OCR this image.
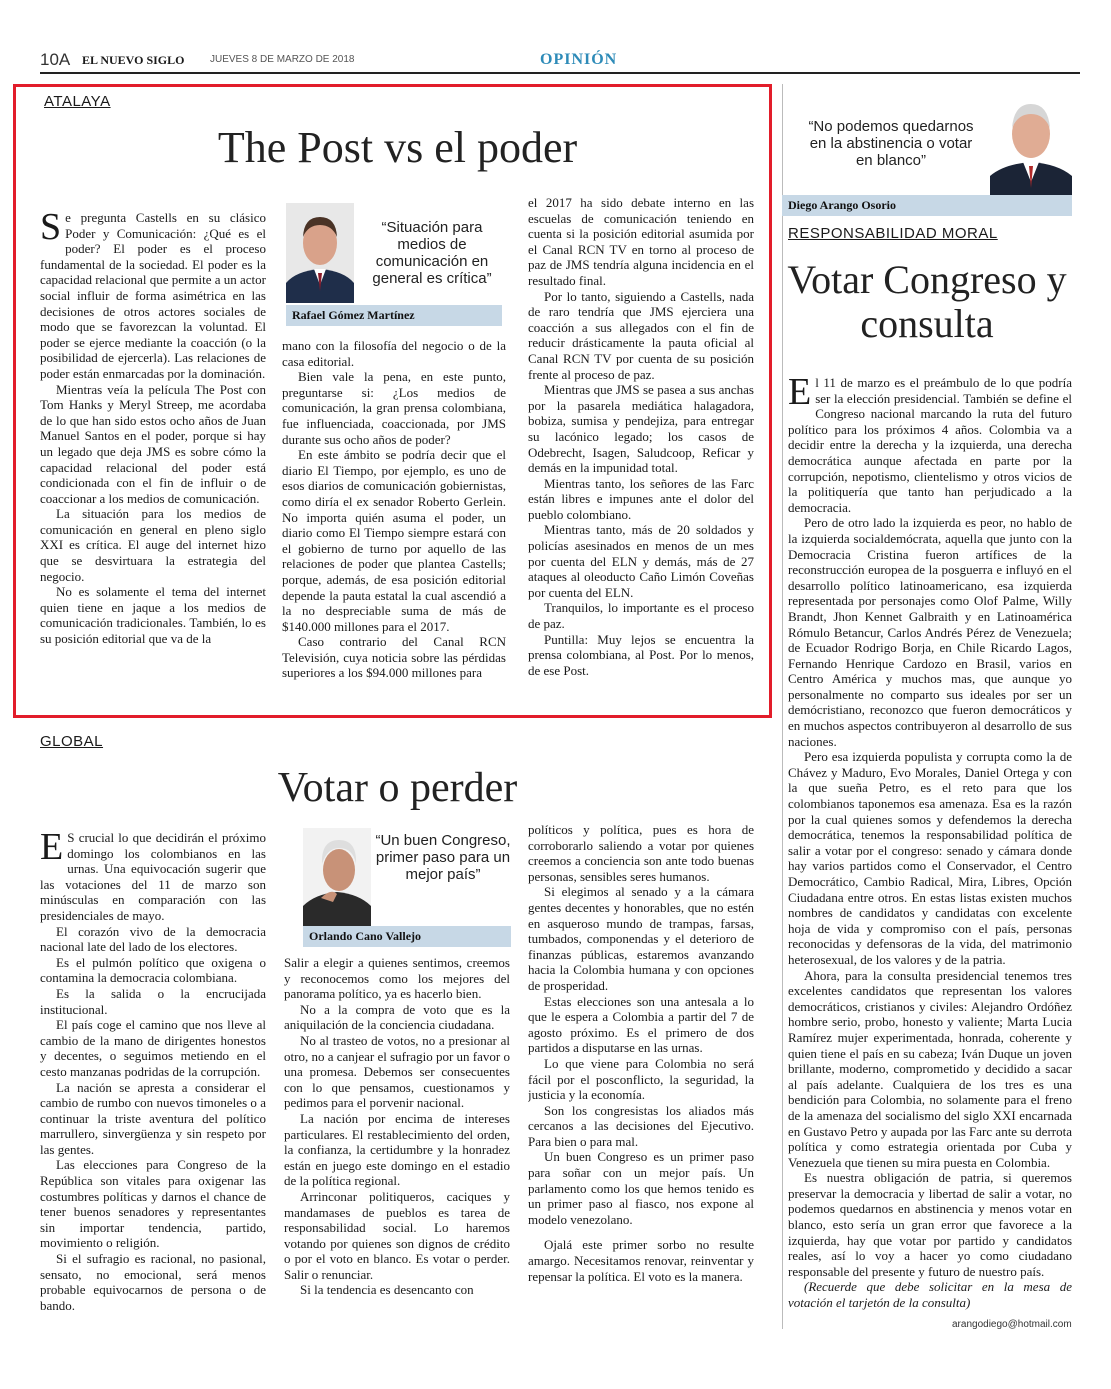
10A EL NUEVO SIGLO	JUEVES 8 DE MARZO DE 2018	OPINIÓN
ATALAYA
The Post vs el poder

Se pregunta Castells en su clásico Poder y Comunicación: ¿Qué es el poder? El poder es el proceso fundamental de la sociedad. El poder es la capacidad relacional que permite a un actor social influir de forma asimétrica en las decisiones de otros actores sociales de modo que se favorezcan la voluntad. El poder se ejerce mediante la coacción (o la posibilidad de ejercerla). Las relaciones de poder están enmarcadas por la dominación.

Mientras veía la película The Post con Tom Hanks y Meryl Streep, me acordaba de lo que han sido estos ocho años de Juan Manuel Santos en el poder, porque si hay un legado que deja JMS es sobre cómo la capacidad relacional del poder está condicionada con el fin de influir o de coaccionar a los medios de comunicación.

La situación para los medios de comunicación en general en pleno siglo XXI es crítica. El auge del internet hizo que se desvirtuara la estrategia del negocio.

No es solamente el tema del internet quien tiene en jaque a los medios de comunicación tradicionales. También, lo es su posición editorial que va de la

“Situación para medios de comunicación en general es crítica”
Rafael Gómez Martínez

mano con la filosofía del negocio o de la casa editorial.

Bien vale la pena, en este punto, preguntarse si: ¿Los medios de comunicación, la gran prensa colombiana, fue influenciada, coaccionada, por JMS durante sus ocho años de poder?

En este ámbito se podría decir que el diario El Tiempo, por ejemplo, es uno de esos diarios de comunicación gobiernistas, como diría el ex senador Roberto Gerlein. No importa quién asuma el poder, un diario como El Tiempo siempre estará con el gobierno de turno por aquello de las relaciones de poder que plantea Castells; porque, además, de esa posición editorial depende la pauta estatal la cual ascendió a la no despreciable suma de más de $140.000 millones para el 2017.

Caso contrario del Canal RCN Televisión, cuya noticia sobre las pérdidas superiores a los $94.000 millones para

el 2017 ha sido debate interno en las escuelas de comunicación teniendo en cuenta si la posición editorial asumida por el Canal RCN TV en torno al proceso de paz de JMS tendría alguna incidencia en el resultado final.

Por lo tanto, siguiendo a Castells, nada de raro tendría que JMS ejerciera una coacción a sus allegados con el fin de reducir drásticamente la pauta oficial al Canal RCN TV por cuenta de su posición frente al proceso de paz.

Mientras que JMS se pasea a sus anchas por la pasarela mediática halagadora, bobiza, sumisa y pendejiza, para entregar su lacónico legado; los casos de Odebrecht, Isagen, Saludcoop, Reficar y demás en la impunidad total.

Mientras tanto, los señores de las Farc están libres e impunes ante el dolor del pueblo colombiano.

Mientras tanto, más de 20 soldados y policías asesinados en menos de un mes por cuenta del ELN y demás, más de 27 ataques al oleoducto Caño Limón Coveñas por cuenta del ELN.

Tranquilos, lo importante es el proceso de paz.

Puntilla: Muy lejos se encuentra la prensa colombiana, al Post. Por lo menos, de ese Post.

GLOBAL
Votar o perder

E S crucial lo que decidirán el próximo domingo los colombianos en las urnas. Una equivocación sugerir que las votaciones del 11 de marzo son minúsculas en comparación con las presidenciales de mayo.

El corazón vivo de la democracia nacional late del lado de los electores.

Es el pulmón político que oxigena o contamina la democracia colombiana.

Es la salida o la encrucijada institucional.

El país coge el camino que nos lleve al cambio de la mano de dirigentes honestos y decentes, o seguimos metiendo en el cesto manzanas podridas de la corrupción.

La nación se apresta a considerar el cambio de rumbo con nuevos timoneles o a continuar la triste aventura del político marrullero, sinvergüenza y sin respeto por las gentes.

Las elecciones para Congreso de la República son vitales para oxigenar las costumbres políticas y darnos el chance de tener buenos senadores y representantes sin importar tendencia, partido, movimiento o religión.

Si el sufragio es racional, no pasional, sensato, no emocional, será menos probable equivocarnos de persona o de bando.

“Un buen Congreso, primer paso para un mejor país”
Orlando Cano Vallejo

Salir a elegir a quienes sentimos, creemos y reconocemos como los mejores del panorama político, ya es hacerlo bien.

No a la compra de voto que es la aniquilación de la conciencia ciudadana.

No al trasteo de votos, no a presionar al otro, no a canjear el sufragio por un favor o una promesa. Debemos ser consecuentes con lo que pensamos, cuestionamos y pedimos para el porvenir nacional.

La nación por encima de intereses particulares. El restablecimiento del orden, la confianza, la certidumbre y la honradez están en juego este domingo en el estadio de la política regional.

Arrinconar politiqueros, caciques y mandamases de pueblos es tarea de responsabilidad social. Lo haremos votando por quienes son dignos de crédito o por el voto en blanco. Es votar o perder. Salir o renunciar.

Si la tendencia es desencanto con

políticos y política, pues es hora de corroborarlo saliendo a votar por quienes creemos a conciencia son ante todo buenas personas, sensibles seres humanos.

Si elegimos al senado y a la cámara gentes decentes y honorables, que no estén en asqueroso mundo de trampas, farsas, tumbados, componendas y el deterioro de finanzas públicas, estaremos avanzando hacia la Colombia humana y con opciones de prosperidad.

Estas elecciones son una antesala a lo que le espera a Colombia a partir del 7 de agosto próximo. Es el primero de dos partidos a disputarse en las urnas.

Lo que viene para Colombia no será fácil por el posconflicto, la seguridad, la justicia y la economía.

Son los congresistas los aliados más cercanos a las decisiones del Ejecutivo. Para bien o para mal.

Un buen Congreso es un primer paso para soñar con un mejor país. Un parlamento como los que hemos tenido es un primer paso al fiasco, nos expone al modelo venezolano.

Ojalá este primer sorbo no resulte amargo. Necesitamos renovar, reinventar y repensar la política. El voto es la manera.

“No podemos quedarnos en la abstinencia o votar en blanco”
Diego Arango Osorio
RESPONSABILIDAD MORAL
Votar Congreso y consulta

El 11 de marzo es el preámbulo de lo que podría ser la elección presidencial. También se define el Congreso nacional marcando la ruta del futuro político para los próximos 4 años. Colombia va a decidir entre la derecha y la izquierda, una derecha democrática aunque afectada en parte por la corrupción, nepotismo, clientelismo y otros vicios de la politiquería que tanto han perjudicado a la democracia.

Pero de otro lado la izquierda es peor, no hablo de la izquierda socialdemócrata, aquella que junto con la Democracia Cristina fueron artífices de la reconstrucción europea de la posguerra e influyó en el desarrollo político latinoamericano, esa izquierda representada por personajes como Olof Palme, Willy Brandt, Jhon Kennet Galbraith y en Latinoamérica Rómulo Betancur, Carlos Andrés Pérez de Venezuela; de Ecuador Rodrigo Borja, en Chile Ricardo Lagos, Fernando Henrique Cardozo en Brasil, varios en Centro América y muchos mas, que aunque yo personalmente no comparto sus ideales por ser un demócristiano, reconozco que fueron democráticos y en muchos aspectos contribuyeron al desarrollo de sus naciones.

Pero esa izquierda populista y corrupta como la de Chávez y Maduro, Evo Morales, Daniel Ortega y con la que sueña Petro, es el reto para que los colombianos taponemos esa amenaza. Esa es la razón por la cual quienes somos y defendemos la derecha democrática, tenemos la responsabilidad política de salir a votar por el congreso: senado y cámara donde hay varios partidos como el Conservador, el Centro Democrático, Cambio Radical, Mira, Libres, Opción Ciudadana entre otros. En estas listas existen muchos nombres de candidatos y candidatas con excelente hoja de vida y compromiso con el país, personas reconocidas y defensoras de la vida, del matrimonio heterosexual, de los valores y de la patria.

Ahora, para la consulta presidencial tenemos tres excelentes candidatos que representan los valores democráticos, cristianos y civiles: Alejandro Ordóñez hombre serio, probo, honesto y valiente; Marta Lucia Ramírez mujer experimentada, honrada, coherente y quien tiene el país en su cabeza; Iván Duque un joven brillante, moderno, comprometido y decidido a sacar al país adelante. Cualquiera de los tres es una bendición para Colombia, no solamente para el freno de la amenaza del socialismo del siglo XXI encarnada en Gustavo Petro y aupada por las Farc ante su derrota política y como estrategia orientada por Cuba y Venezuela que tienen su mira puesta en Colombia.

Es nuestra obligación de patria, si queremos preservar la democracia y libertad de salir a votar, no podemos quedarnos en abstinencia y menos votar en blanco, esto sería un gran error que favorece a la izquierda, hay que votar por partido y candidatos reales, así lo voy a hacer yo como ciudadano responsable del presente y futuro de nuestro país.

(Recuerde que debe solicitar en la mesa de votación el tarjetón de la consulta)

arangodiego@hotmail.com
